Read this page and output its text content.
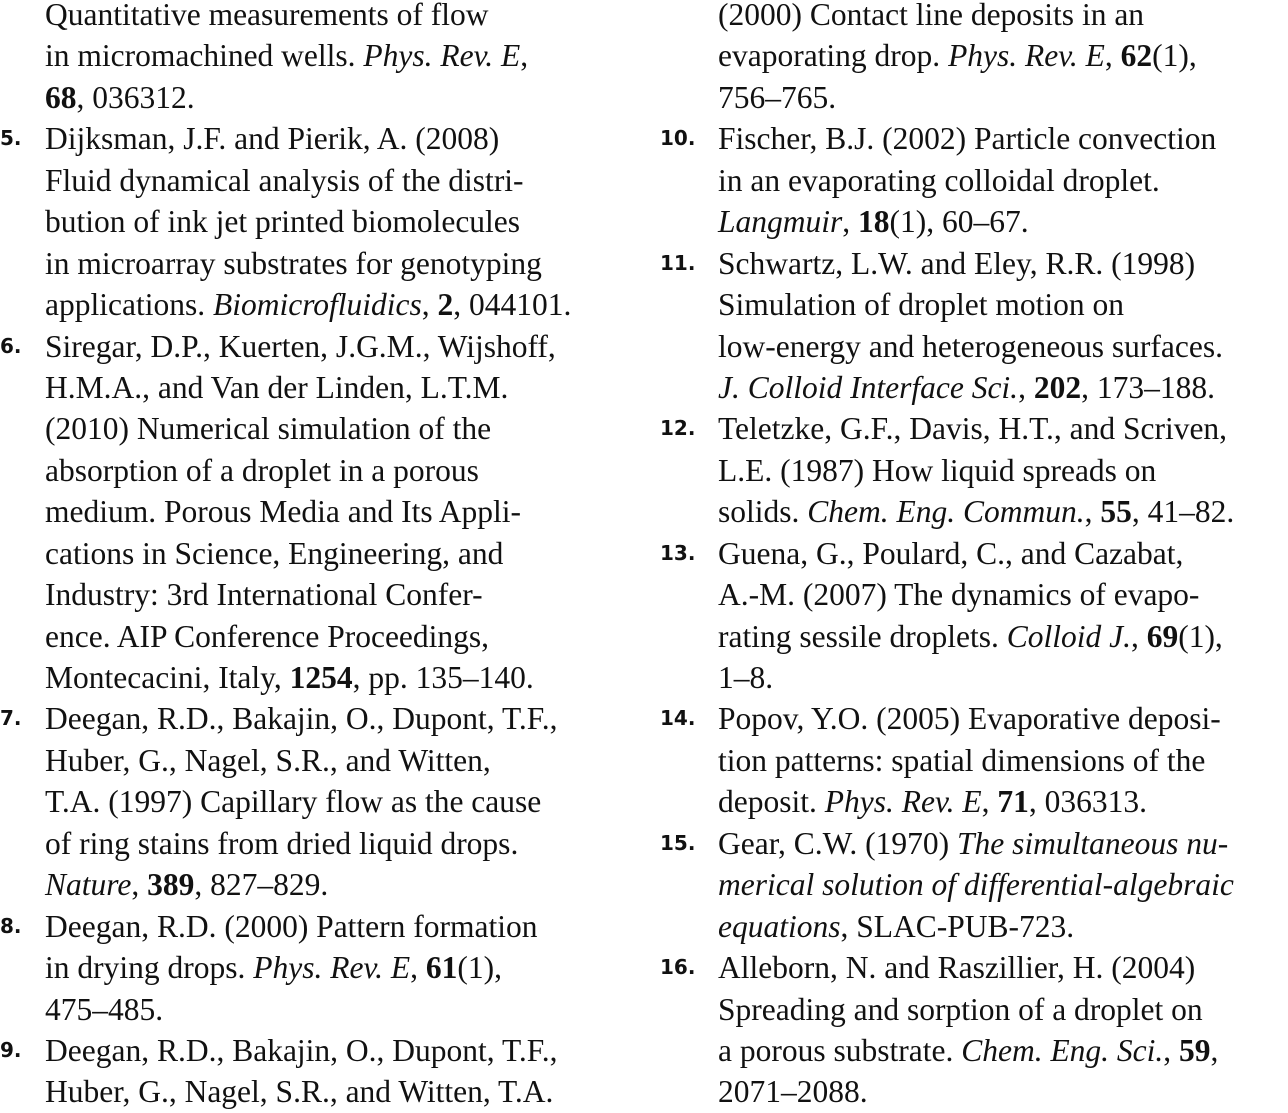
Quantitative measurements of flow
in micromachined wells. Phys. Rev. E,
68, 036312.
5. Dijksman, J.F. and Pierik, A. (2008)
Fluid dynamical analysis of the distri-
bution of ink jet printed biomolecules
in microarray substrates for genotyping
applications. Biomicrofluidics, 2, 044101.
6. Siregar, D.P., Kuerten, J.G.M., Wijshoff,
H.M.A., and Van der Linden, L.T.M.
(2010) Numerical simulation of the
absorption of a droplet in a porous
medium. Porous Media and Its Appli-
cations in Science, Engineering, and
Industry: 3rd International Confer-
ence. AIP Conference Proceedings,
Montecacini, Italy, 1254, pp. 135–140.
7. Deegan, R.D., Bakajin, O., Dupont, T.F.,
Huber, G., Nagel, S.R., and Witten,
T.A. (1997) Capillary flow as the cause
of ring stains from dried liquid drops.
Nature, 389, 827–829.
8. Deegan, R.D. (2000) Pattern formation
in drying drops. Phys. Rev. E, 61(1),
475–485.
9. Deegan, R.D., Bakajin, O., Dupont, T.F.,
Huber, G., Nagel, S.R., and Witten, T.A.
(2000) Contact line deposits in an
evaporating drop. Phys. Rev. E, 62(1),
756–765.
10. Fischer, B.J. (2002) Particle convection
in an evaporating colloidal droplet.
Langmuir, 18(1), 60–67.
11. Schwartz, L.W. and Eley, R.R. (1998)
Simulation of droplet motion on
low-energy and heterogeneous surfaces.
J. Colloid Interface Sci., 202, 173–188.
12. Teletzke, G.F., Davis, H.T., and Scriven,
L.E. (1987) How liquid spreads on
solids. Chem. Eng. Commun., 55, 41–82.
13. Guena, G., Poulard, C., and Cazabat,
A.-M. (2007) The dynamics of evapo-
rating sessile droplets. Colloid J., 69(1),
1–8.
14. Popov, Y.O. (2005) Evaporative deposi-
tion patterns: spatial dimensions of the
deposit. Phys. Rev. E, 71, 036313.
15. Gear, C.W. (1970) The simultaneous nu-
merical solution of differential-algebraic
equations, SLAC-PUB-723.
16. Alleborn, N. and Raszillier, H. (2004)
Spreading and sorption of a droplet on
a porous substrate. Chem. Eng. Sci., 59,
2071–2088.
